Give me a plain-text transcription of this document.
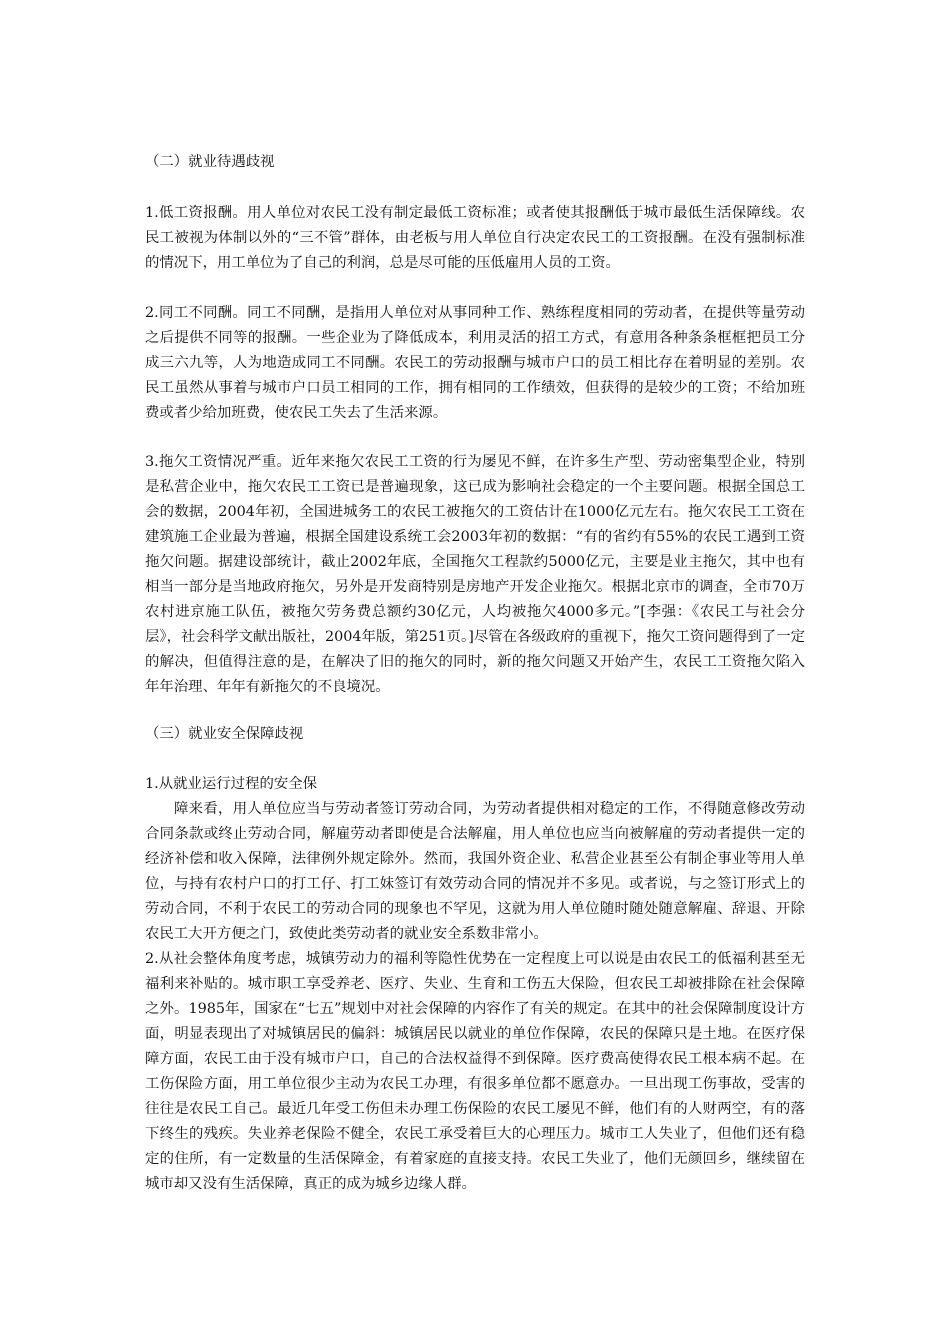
（二）就业待遇歧视

1.低工资报酬。用人单位对农民工没有制定最低工资标准；或者使其报酬低于城市最低生活保障线。农民工被视为体制以外的“三不管”群体，由老板与用人单位自行决定农民工的工资报酬。在没有强制标准的情况下，用工单位为了自己的利润，总是尽可能的压低雇用人员的工资。

2.同工不同酬。同工不同酬，是指用人单位对从事同种工作、熟练程度相同的劳动者，在提供等量劳动之后提供不同等的报酬。一些企业为了降低成本，利用灵活的招工方式，有意用各种条条框框把员工分成三六九等，人为地造成同工不同酬。农民工的劳动报酬与城市户口的员工相比存在着明显的差别。农民工虽然从事着与城市户口员工相同的工作，拥有相同的工作绩效，但获得的是较少的工资；不给加班费或者少给加班费，使农民工失去了生活来源。

3.拖欠工资情况严重。近年来拖欠农民工工资的行为屡见不鲜，在许多生产型、劳动密集型企业，特别是私营企业中，拖欠农民工工资已是普遍现象，这已成为影响社会稳定的一个主要问题。根据全国总工会的数据，2004年初，全国进城务工的农民工被拖欠的工资估计在1000亿元左右。拖欠农民工工资在建筑施工企业最为普遍，根据全国建设系统工会2003年初的数据：“有的省约有55%的农民工遇到工资拖欠问题。据建设部统计，截止2002年底，全国拖欠工程款约5000亿元，主要是业主拖欠，其中也有相当一部分是当地政府拖欠，另外是开发商特别是房地产开发企业拖欠。根据北京市的调查，全市70万农村进京施工队伍，被拖欠劳务费总额约30亿元，人均被拖欠4000多元。”[李强：《农民工与社会分层》，社会科学文献出版社，2004年版，第251页。]尽管在各级政府的重视下，拖欠工资问题得到了一定的解决，但值得注意的是，在解决了旧的拖欠的同时，新的拖欠问题又开始产生，农民工工资拖欠陷入年年治理、年年有新拖欠的不良境况。

（三）就业安全保障歧视

1.从就业运行过程的安全保

障来看，用人单位应当与劳动者签订劳动合同，为劳动者提供相对稳定的工作，不得随意修改劳动合同条款或终止劳动合同，解雇劳动者即使是合法解雇，用人单位也应当向被解雇的劳动者提供一定的经济补偿和收入保障，法律例外规定除外。然而，我国外资企业、私营企业甚至公有制企事业等用人单位，与持有农村户口的打工仔、打工妹签订有效劳动合同的情况并不多见。或者说，与之签订形式上的劳动合同，不利于农民工的劳动合同的现象也不罕见，这就为用人单位随时随处随意解雇、辞退、开除农民工大开方便之门，致使此类劳动者的就业安全系数非常小。

2.从社会整体角度考虑，城镇劳动力的福利等隐性优势在一定程度上可以说是由农民工的低福利甚至无福利来补贴的。城市职工享受养老、医疗、失业、生育和工伤五大保险，但农民工却被排除在社会保障之外。1985年，国家在“七五”规划中对社会保障的内容作了有关的规定。在其中的社会保障制度设计方面，明显表现出了对城镇居民的偏斜：城镇居民以就业的单位作保障，农民的保障只是土地。在医疗保障方面，农民工由于没有城市户口，自己的合法权益得不到保障。医疗费高使得农民工根本病不起。在工伤保险方面，用工单位很少主动为农民工办理，有很多单位都不愿意办。一旦出现工伤事故，受害的往往是农民工自己。最近几年受工伤但未办理工伤保险的农民工屡见不鲜，他们有的人财两空，有的落下终生的残疾。失业养老保险不健全，农民工承受着巨大的心理压力。城市工人失业了，但他们还有稳定的住所，有一定数量的生活保障金，有着家庭的直接支持。农民工失业了，他们无颜回乡，继续留在城市却又没有生活保障，真正的成为城乡边缘人群。
